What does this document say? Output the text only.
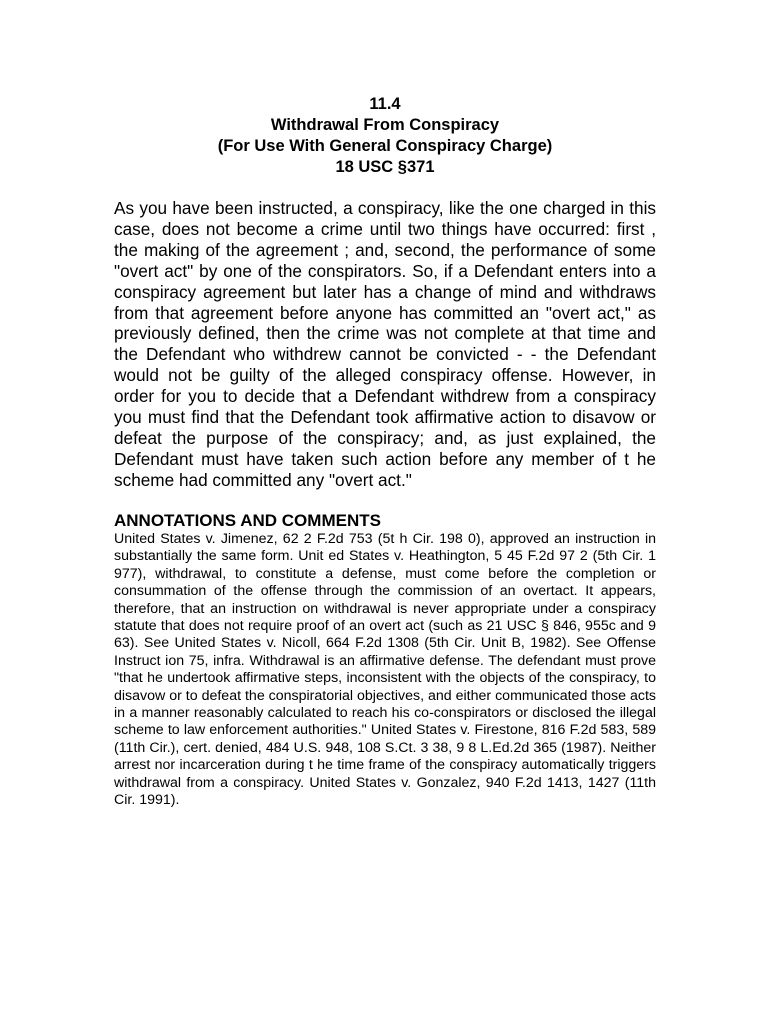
11.4
Withdrawal From Conspiracy
(For Use With General Conspiracy Charge)
18 USC §371

As you have been instructed, a conspiracy, like the one charged in this case, does not become a crime until two things have occurred: first , the making of the agreement ; and, second, the performance of some "overt act" by one of the conspirators. So, if a Defendant enters into a conspiracy agreement but later has a change of mind and withdraws from that agreement before anyone has committed an "overt act," as previously defined, then the crime was not complete at that time and the Defendant who withdrew cannot be convicted - - the Defendant would not be guilty of the alleged conspiracy offense. However, in order for you to decide that a Defendant withdrew from a conspiracy you must find that the Defendant took affirmative action to disavow or defeat the purpose of the conspiracy; and, as just explained, the Defendant must have taken such action before any member of t he scheme had committed any "overt act."

ANNOTATIONS AND COMMENTS

United States v. Jimenez, 62 2 F.2d 753 (5t h Cir. 198 0), approved an instruction in substantially the same form. Unit ed States v. Heathington, 5 45 F.2d 97 2 (5th Cir. 1 977), withdrawal, to constitute a defense, must come before the completion or consummation of the offense through the commission of an overtact. It appears, therefore, that an instruction on withdrawal is never appropriate under a conspiracy statute that does not require proof of an overt act (such as 21 USC § 846, 955c and 9 63). See United States v. Nicoll, 664 F.2d 1308 (5th Cir. Unit B, 1982). See Offense Instruct ion 75, infra. Withdrawal is an affirmative defense. The defendant must prove "that he undertook affirmative steps, inconsistent with the objects of the conspiracy, to disavow or to defeat the conspiratorial objectives, and either communicated those acts in a manner reasonably calculated to reach his co-conspirators or disclosed the illegal scheme to law enforcement authorities." United States v. Firestone, 816 F.2d 583, 589 (11th Cir.), cert. denied, 484 U.S. 948, 108 S.Ct. 3 38, 9 8 L.Ed.2d 365 (1987). Neither arrest nor incarceration during t he time frame of the conspiracy automatically triggers withdrawal from a conspiracy. United States v. Gonzalez, 940 F.2d 1413, 1427 (11th Cir. 1991).
